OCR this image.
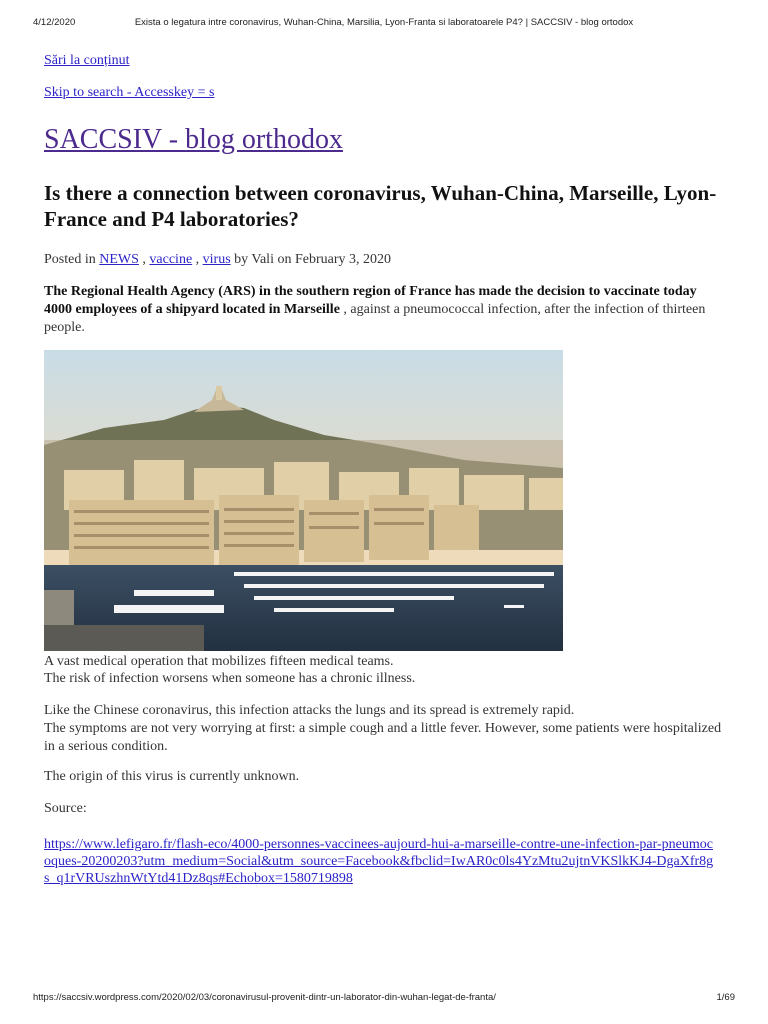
4/12/2020	Exista o legatura intre coronavirus, Wuhan-China, Marsilia, Lyon-Franta si laboratoarele P4? | SACCSIV - blog ortodox
Sări la conținut
Skip to search - Accesskey = s
SACCSIV - blog orthodox
Is there a connection between coronavirus, Wuhan-China, Marseille, Lyon-France and P4 laboratories?
Posted in NEWS , vaccine , virus by Vali on February 3, 2020

The Regional Health Agency (ARS) in the southern region of France has made the decision to vaccinate today 4000 employees of a shipyard located in Marseille , against a pneumococcal infection, after the infection of thirteen people.

A vast medical operation that mobilizes fifteen medical teams.
The risk of infection worsens when someone has a chronic illness.

Like the Chinese coronavirus, this infection attacks the lungs and its spread is extremely rapid.
The symptoms are not very worrying at first: a simple cough and a little fever. However, some patients were hospitalized in a serious condition.

The origin of this virus is currently unknown.

Source:

https://www.lefigaro.fr/flash-eco/4000-personnes-vaccinees-aujourd-hui-a-marseille-contre-une-infection-par-pneumocoques-20200203?utm_medium=Social&utm_source=Facebook&fbclid=IwAR0c0ls4YzMtu2ujtnVKSlkKJ4-DgaXfr8gs_q1rVRUszhnWtYtd41Dz8qs#Echobox=1580719898

https://saccsiv.wordpress.com/2020/02/03/coronavirusul-provenit-dintr-un-laborator-din-wuhan-legat-de-franta/	1/69
